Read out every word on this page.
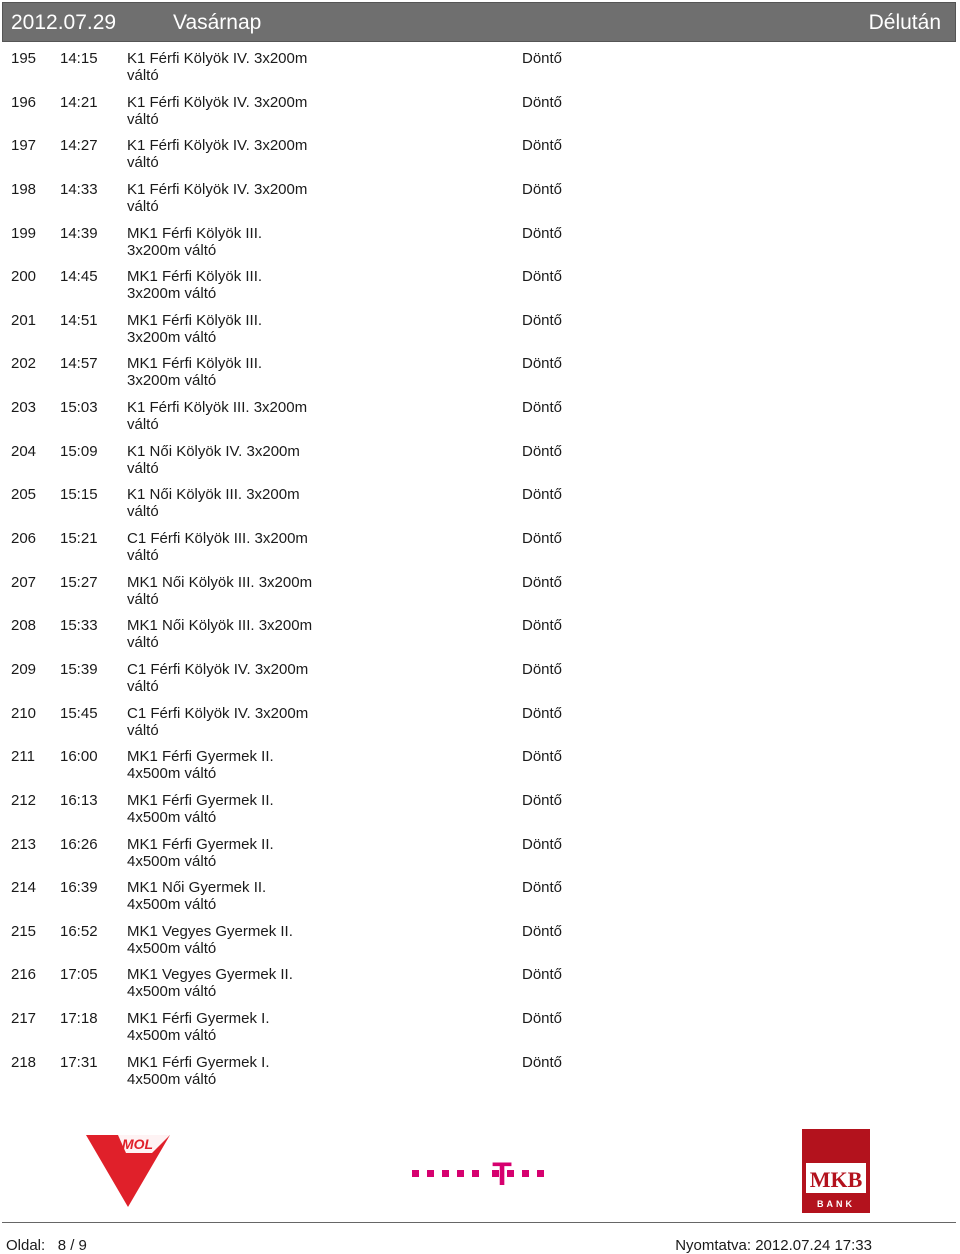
2012.07.29	Vasárnap	Délután
195 14:15 K1 Férfi Kölyök IV. 3x200m
váltó
Döntő
196 14:21 K1 Férfi Kölyök IV. 3x200m
váltó
Döntő
197 14:27 K1 Férfi Kölyök IV. 3x200m
váltó
Döntő
198 14:33 K1 Férfi Kölyök IV. 3x200m
váltó
Döntő
199 14:39 MK1 Férfi Kölyök III.
3x200m váltó
Döntő
200 14:45 MK1 Férfi Kölyök III.
3x200m váltó
Döntő
201 14:51 MK1 Férfi Kölyök III.
3x200m váltó
Döntő
202 14:57 MK1 Férfi Kölyök III.
3x200m váltó
Döntő
203 15:03 K1 Férfi Kölyök III. 3x200m
váltó
Döntő
204 15:09 K1 Női Kölyök IV. 3x200m
váltó
Döntő
205 15:15 K1 Női Kölyök III. 3x200m
váltó
Döntő
206 15:21 C1 Férfi Kölyök III. 3x200m
váltó
Döntő
207 15:27 MK1 Női Kölyök III. 3x200m
váltó
Döntő
208 15:33 MK1 Női Kölyök III. 3x200m
váltó
Döntő
209 15:39 C1 Férfi Kölyök IV. 3x200m
váltó
Döntő
210 15:45 C1 Férfi Kölyök IV. 3x200m
váltó
Döntő
211 16:00 MK1 Férfi Gyermek II.
4x500m váltó
Döntő
212 16:13 MK1 Férfi Gyermek II.
4x500m váltó
Döntő
213 16:26 MK1 Férfi Gyermek II.
4x500m váltó
Döntő
214 16:39 MK1 Női Gyermek II.
4x500m váltó
Döntő
215 16:52 MK1 Vegyes Gyermek II.
4x500m váltó
Döntő
216 17:05 MK1 Vegyes Gyermek II.
4x500m váltó
Döntő
217 17:18 MK1 Férfi Gyermek I.
4x500m váltó
Döntő
218 17:31 MK1 Férfi Gyermek I.
4x500m váltó
Döntő
MOL
T	MKB
BANK
Oldal: 8 / 9	Nyomtatva: 2012.07.24 17:33
